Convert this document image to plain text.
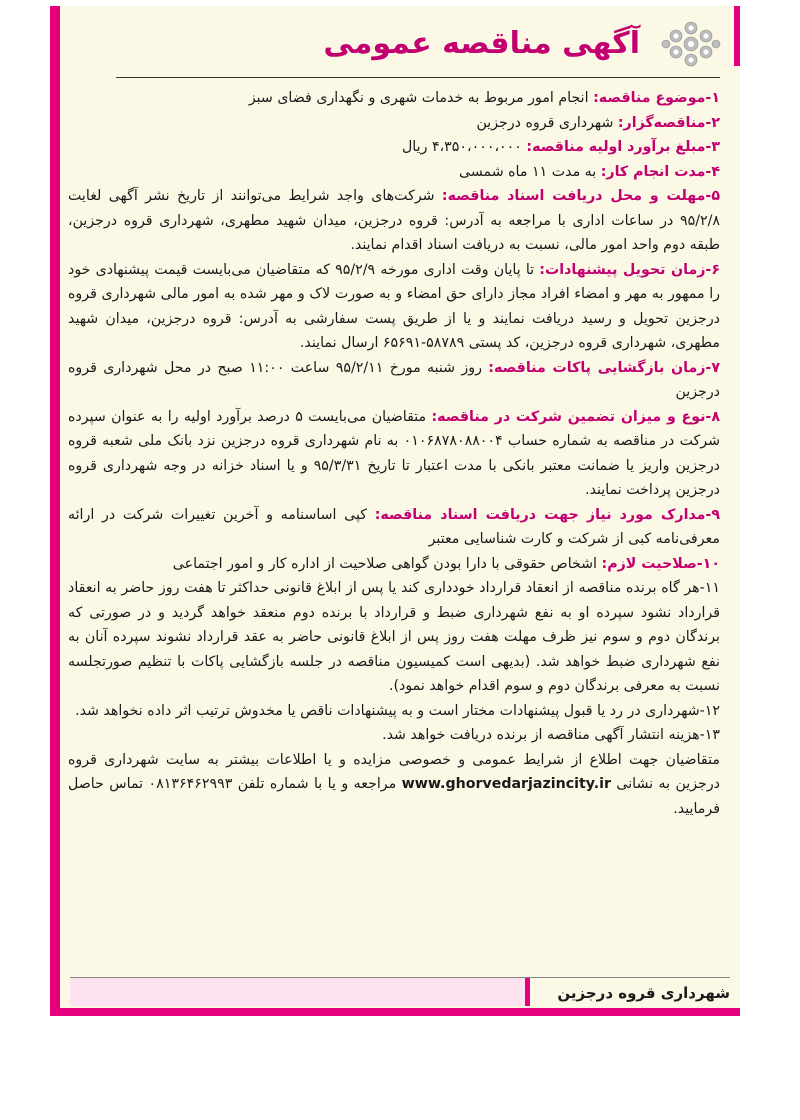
آگهی مناقصه عمومی

۱-موضوع مناقصه: انجام امور مربوط به خدمات شهری و نگهداری فضای سبز

۲-مناقصه‌گزار: شهرداری قروه درجزین

۳-مبلغ برآورد اولیه مناقصه: ۴،۳۵۰،۰۰۰،۰۰۰ ریال

۴-مدت انجام کار: به مدت ۱۱ ماه شمسی

۵-مهلت و محل دریافت اسناد مناقصه: شرکت‌های واجد شرایط می‌توانند از تاریخ نشر آگهی لغایت ۹۵/۲/۸ در ساعات اداری با مراجعه به آدرس: قروه درجزین، میدان شهید مطهری، شهرداری قروه درجزین، طبقه دوم واحد امور مالی، نسبت به دریافت اسناد اقدام نمایند.

۶-زمان تحویل پیشنهادات: تا پایان وقت اداری مورخه ۹۵/۲/۹ که متقاضیان می‌بایست قیمت پیشنهادی خود را ممهور به مهر و امضاء افراد مجاز دارای حق امضاء و به صورت لاک و مهر شده به امور مالی شهرداری قروه درجزین تحویل و رسید دریافت نمایند و یا از طریق پست سفارشی به آدرس: قروه درجزین، میدان شهید مطهری، شهرداری قروه درجزین، کد پستی ۵۸۷۸۹-۶۵۶۹۱ ارسال نمایند.

۷-زمان بازگشایی پاکات مناقصه: روز شنبه مورخ ۹۵/۲/۱۱ ساعت ۱۱:۰۰ صبح در محل شهرداری قروه درجزین

۸-نوع و میزان تضمین شرکت در مناقصه: متقاضیان می‌بایست ۵ درصد برآورد اولیه را به عنوان سپرده شرکت در مناقصه به شماره حساب ۰۱۰۶۸۷۸۰۸۸۰۰۴ به نام شهرداری قروه درجزین نزد بانک ملی شعبه قروه درجزین واریز یا ضمانت معتبر بانکی با مدت اعتبار تا تاریخ ۹۵/۳/۳۱ و یا اسناد خزانه در وجه شهرداری قروه درجزین پرداخت نمایند.

۹-مدارک مورد نیاز جهت دریافت اسناد مناقصه: کپی اساسنامه و آخرین تغییرات شرکت در ارائه معرفی‌نامه کبی از شرکت و کارت شناسایی معتبر

۱۰-صلاحیت لازم: اشخاص حقوقی با دارا بودن گواهی صلاحیت از اداره کار و امور اجتماعی

۱۱-هر گاه برنده مناقصه از انعقاد قرارداد خودداری کند یا پس از ابلاغ قانونی حداکثر تا هفت روز حاضر به انعقاد قرارداد نشود سپرده او به نفع شهرداری ضبط و قرارداد با برنده دوم منعقد خواهد گردید و در صورتی که برندگان دوم و سوم نیز ظرف مهلت هفت روز پس از ابلاغ قانونی حاضر به عقد قرارداد نشوند سپرده آنان به نفع شهرداری ضبط خواهد شد. (بدیهی است کمیسیون مناقصه در جلسه بازگشایی پاکات با تنظیم صورتجلسه نسبت به معرفی برندگان دوم و سوم اقدام خواهد نمود).

۱۲-شهرداری در رد یا قبول پیشنهادات مختار است و به پیشنهادات ناقص یا مخدوش ترتیب اثر داده نخواهد شد.

۱۳-هزینه انتشار آگهی مناقصه از برنده دریافت خواهد شد.

متقاضیان جهت اطلاع از شرایط عمومی و خصوصی مزایده و یا اطلاعات بیشتر به سایت شهرداری قروه درجزین به نشانی www.ghorvedarjazincity.ir مراجعه و یا با شماره تلفن ۰۸۱۳۶۴۶۲۹۹۳ تماس حاصل فرمایید.

شهرداری قروه درجزین
